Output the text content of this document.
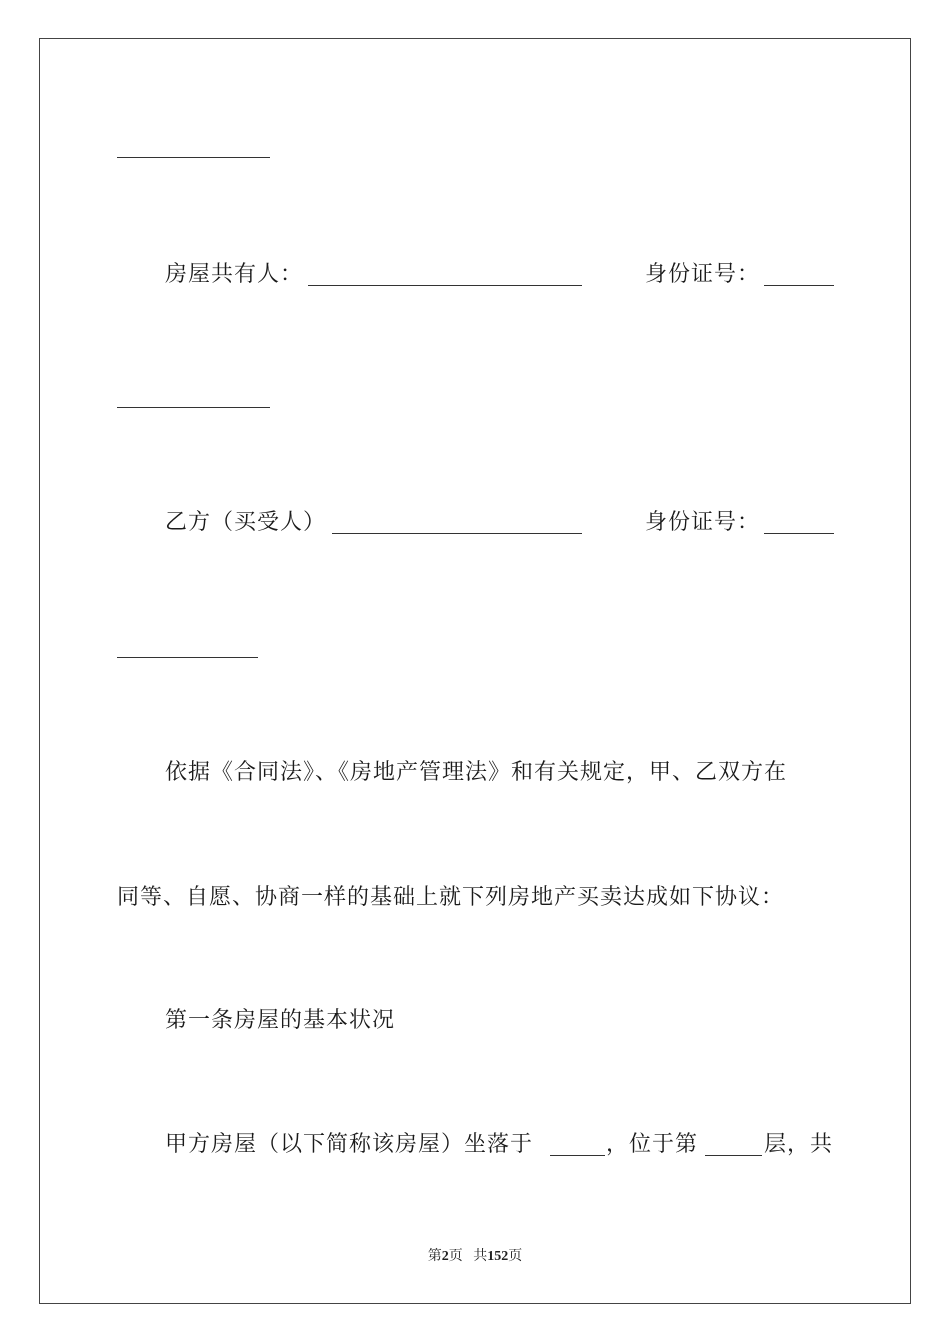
房屋共有人：	身份证号：
乙方（买受人）	身份证号：
依据《合同法》、《房地产管理法》和有关规定，甲、乙双方在
同等、自愿、协商一样的基础上就下列房地产买卖达成如下协议：
第一条房屋的基本状况
甲方房屋（以下简称该房屋）坐落于	，位于第	层，共
第2页 共152页
